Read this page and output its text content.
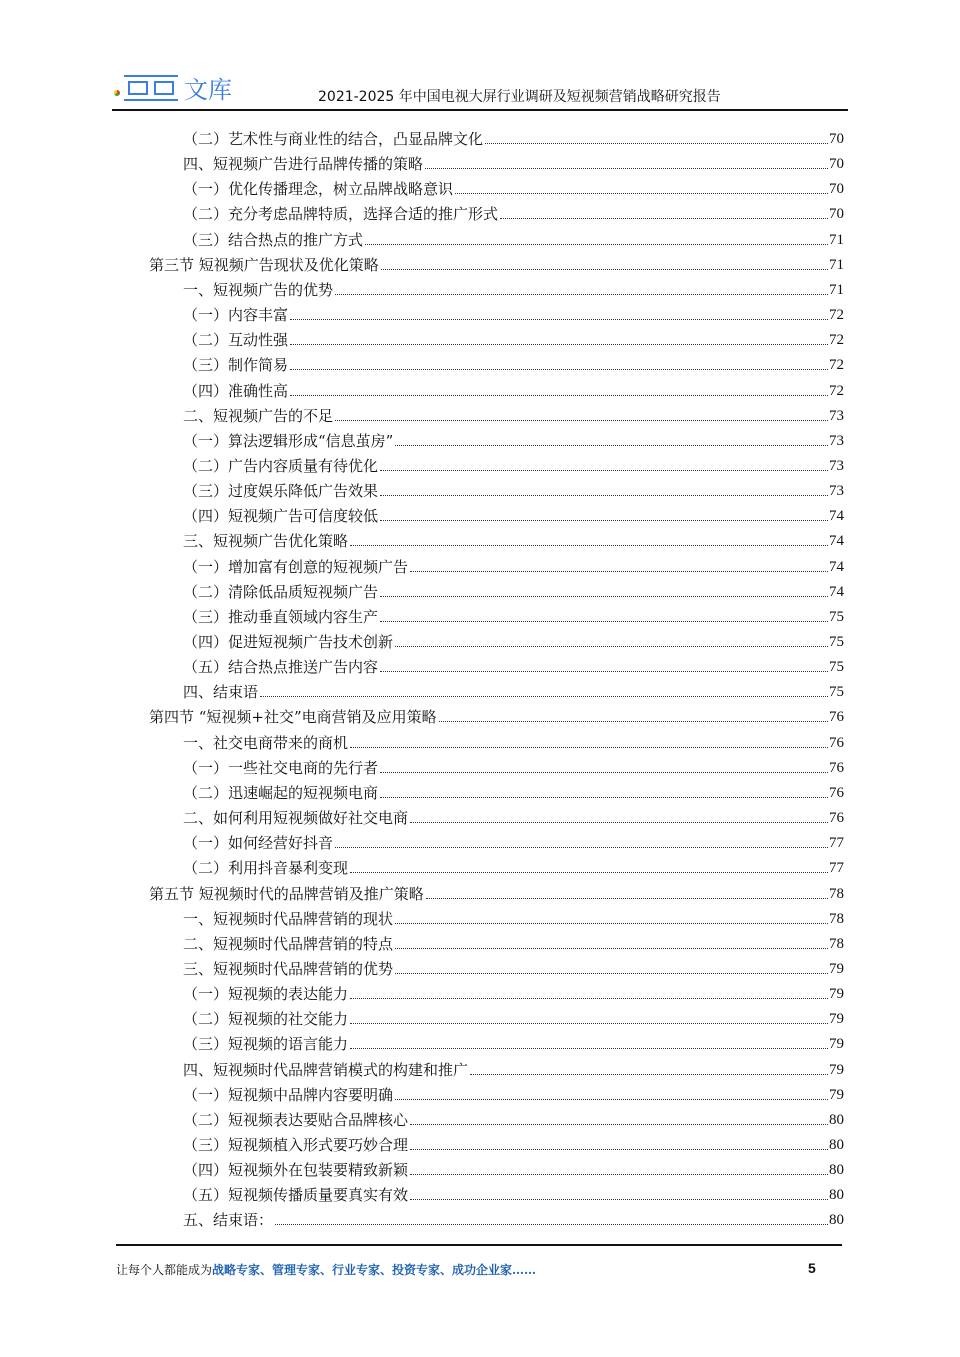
文库	2021-2025 年中国电视大屏行业调研及短视频营销战略研究报告
（二）艺术性与商业性的结合，凸显品牌文化	70
四、短视频广告进行品牌传播的策略	70
（一）优化传播理念，树立品牌战略意识	70
（二）充分考虑品牌特质，选择合适的推广形式	70
（三）结合热点的推广方式	71
第三节 短视频广告现状及优化策略	71
一、短视频广告的优势	71
（一）内容丰富	72
（二）互动性强	72
（三）制作简易	72
（四）准确性高	72
二、短视频广告的不足	73
（一）算法逻辑形成“信息茧房”	73
（二）广告内容质量有待优化	73
（三）过度娱乐降低广告效果	73
（四）短视频广告可信度较低	74
三、短视频广告优化策略	74
（一）增加富有创意的短视频广告	74
（二）清除低品质短视频广告	74
（三）推动垂直领域内容生产	75
（四）促进短视频广告技术创新	75
（五）结合热点推送广告内容	75
四、结束语	75
第四节 “短视频+社交”电商营销及应用策略	76
一、社交电商带来的商机	76
（一）一些社交电商的先行者	76
（二）迅速崛起的短视频电商	76
二、如何利用短视频做好社交电商	76
（一）如何经营好抖音	77
（二）利用抖音暴利变现	77
第五节 短视频时代的品牌营销及推广策略	78
一、短视频时代品牌营销的现状	78
二、短视频时代品牌营销的特点	78
三、短视频时代品牌营销的优势	79
（一）短视频的表达能力	79
（二）短视频的社交能力	79
（三）短视频的语言能力	79
四、短视频时代品牌营销模式的构建和推广	79
（一）短视频中品牌内容要明确	79
（二）短视频表达要贴合品牌核心	80
（三）短视频植入形式要巧妙合理	80
（四）短视频外在包装要精致新颖	80
（五）短视频传播质量要真实有效	80
五、结束语：	80
让每个人都能成为战略专家、管理专家、行业专家、投资专家、成功企业家……	5
